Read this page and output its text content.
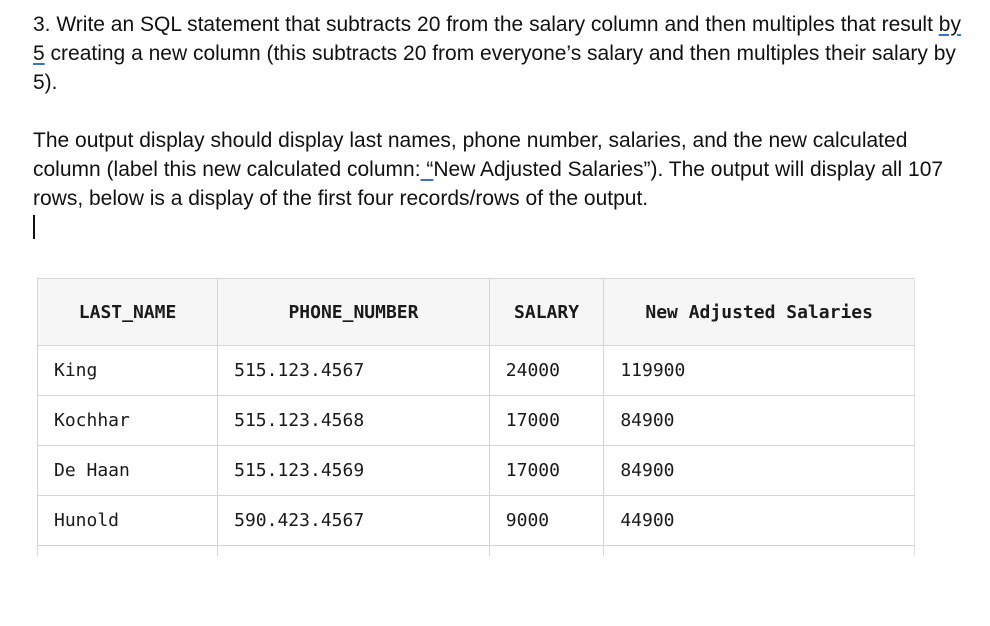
3. Write an SQL statement that subtracts 20 from the salary column and then multiples that result by 5 creating a new column (this subtracts 20 from everyone’s salary and then multiples their salary by 5).

The output display should display last names, phone number, salaries, and the new calculated column (label this new calculated column: “New Adjusted Salaries”). The output will display all 107 rows, below is a display of the first four records/rows of the output.

LAST_NAME	PHONE_NUMBER	SALARY	New Adjusted Salaries
King	515.123.4567	24000	119900
Kochhar	515.123.4568	17000	84900
De Haan	515.123.4569	17000	84900
Hunold	590.423.4567	9000	44900
